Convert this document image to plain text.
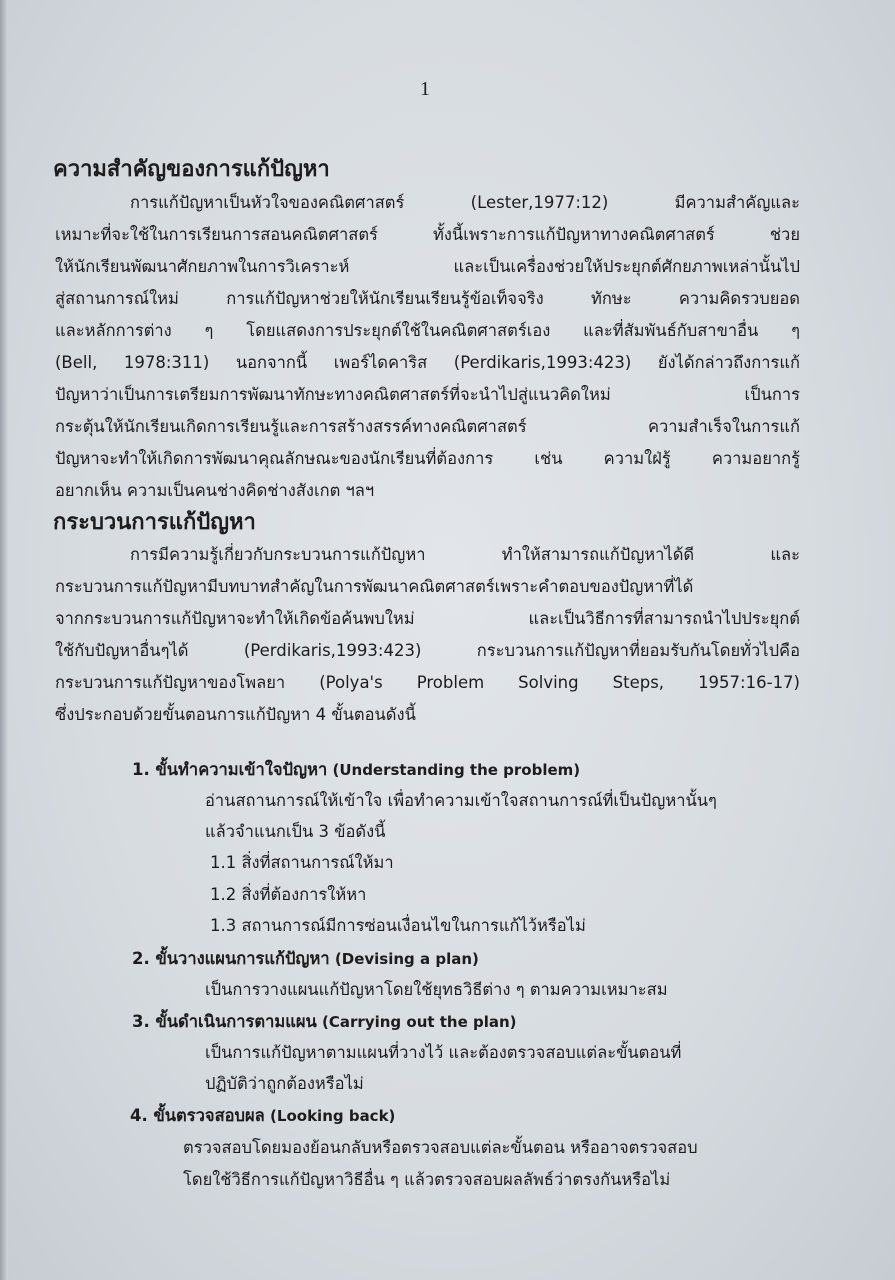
1
ความสำคัญของการแก้ปัญหา
การแก้ปัญหาเป็นหัวใจของคณิตศาสตร์ (Lester,1977:12) มีความสำคัญและ
เหมาะที่จะใช้ในการเรียนการสอนคณิตศาสตร์ ทั้งนี้เพราะการแก้ปัญหาทางคณิตศาสตร์ ช่วย
ให้นักเรียนพัฒนาศักยภาพในการวิเคราะห์ และเป็นเครื่องช่วยให้ประยุกต์ศักยภาพเหล่านั้นไป
สู่สถานการณ์ใหม่ การแก้ปัญหาช่วยให้นักเรียนเรียนรู้ข้อเท็จจริง ทักษะ ความคิดรวบยอด
และหลักการต่าง ๆ โดยแสดงการประยุกต์ใช้ในคณิตศาสตร์เอง และที่สัมพันธ์กับสาขาอื่น ๆ
(Bell, 1978:311) นอกจากนี้ เพอร์ไดคาริส (Perdikaris,1993:423) ยังได้กล่าวถึงการแก้
ปัญหาว่าเป็นการเตรียมการพัฒนาทักษะทางคณิตศาสตร์ที่จะนำไปสู่แนวคิดใหม่ เป็นการ
กระตุ้นให้นักเรียนเกิดการเรียนรู้และการสร้างสรรค์ทางคณิตศาสตร์ ความสำเร็จในการแก้
ปัญหาจะทำให้เกิดการพัฒนาคุณลักษณะของนักเรียนที่ต้องการ เช่น ความใฝ่รู้ ความอยากรู้
อยากเห็น ความเป็นคนช่างคิดช่างสังเกต ฯลฯ
กระบวนการแก้ปัญหา
การมีความรู้เกี่ยวกับกระบวนการแก้ปัญหา ทำให้สามารถแก้ปัญหาได้ดี และ
กระบวนการแก้ปัญหามีบทบาทสำคัญในการพัฒนาคณิตศาสตร์เพราะคำตอบของปัญหาที่ได้
จากกระบวนการแก้ปัญหาจะทำให้เกิดข้อค้นพบใหม่ และเป็นวิธีการที่สามารถนำไปประยุกต์
ใช้กับปัญหาอื่นๆได้ (Perdikaris,1993:423) กระบวนการแก้ปัญหาที่ยอมรับกันโดยทั่วไปคือ
กระบวนการแก้ปัญหาของโพลยา (Polya's Problem Solving Steps, 1957:16-17)
ซึ่งประกอบด้วยขั้นตอนการแก้ปัญหา 4 ขั้นตอนดังนี้
1. ขั้นทำความเข้าใจปัญหา (Understanding the problem)
อ่านสถานการณ์ให้เข้าใจ เพื่อทำความเข้าใจสถานการณ์ที่เป็นปัญหานั้นๆ
แล้วจำแนกเป็น 3 ข้อดังนี้
1.1 สิ่งที่สถานการณ์ให้มา
1.2 สิ่งที่ต้องการให้หา
1.3 สถานการณ์มีการซ่อนเงื่อนไขในการแก้ไว้หรือไม่
2. ขั้นวางแผนการแก้ปัญหา (Devising a plan)
เป็นการวางแผนแก้ปัญหาโดยใช้ยุทธวิธีต่าง ๆ ตามความเหมาะสม
3. ขั้นดำเนินการตามแผน (Carrying out the plan)
เป็นการแก้ปัญหาตามแผนที่วางไว้ และต้องตรวจสอบแต่ละขั้นตอนที่
ปฏิบัติว่าถูกต้องหรือไม่
4. ขั้นตรวจสอบผล (Looking back)
ตรวจสอบโดยมองย้อนกลับหรือตรวจสอบแต่ละขั้นตอน หรืออาจตรวจสอบ
โดยใช้วิธีการแก้ปัญหาวิธีอื่น ๆ แล้วตรวจสอบผลลัพธ์ว่าตรงกันหรือไม่
